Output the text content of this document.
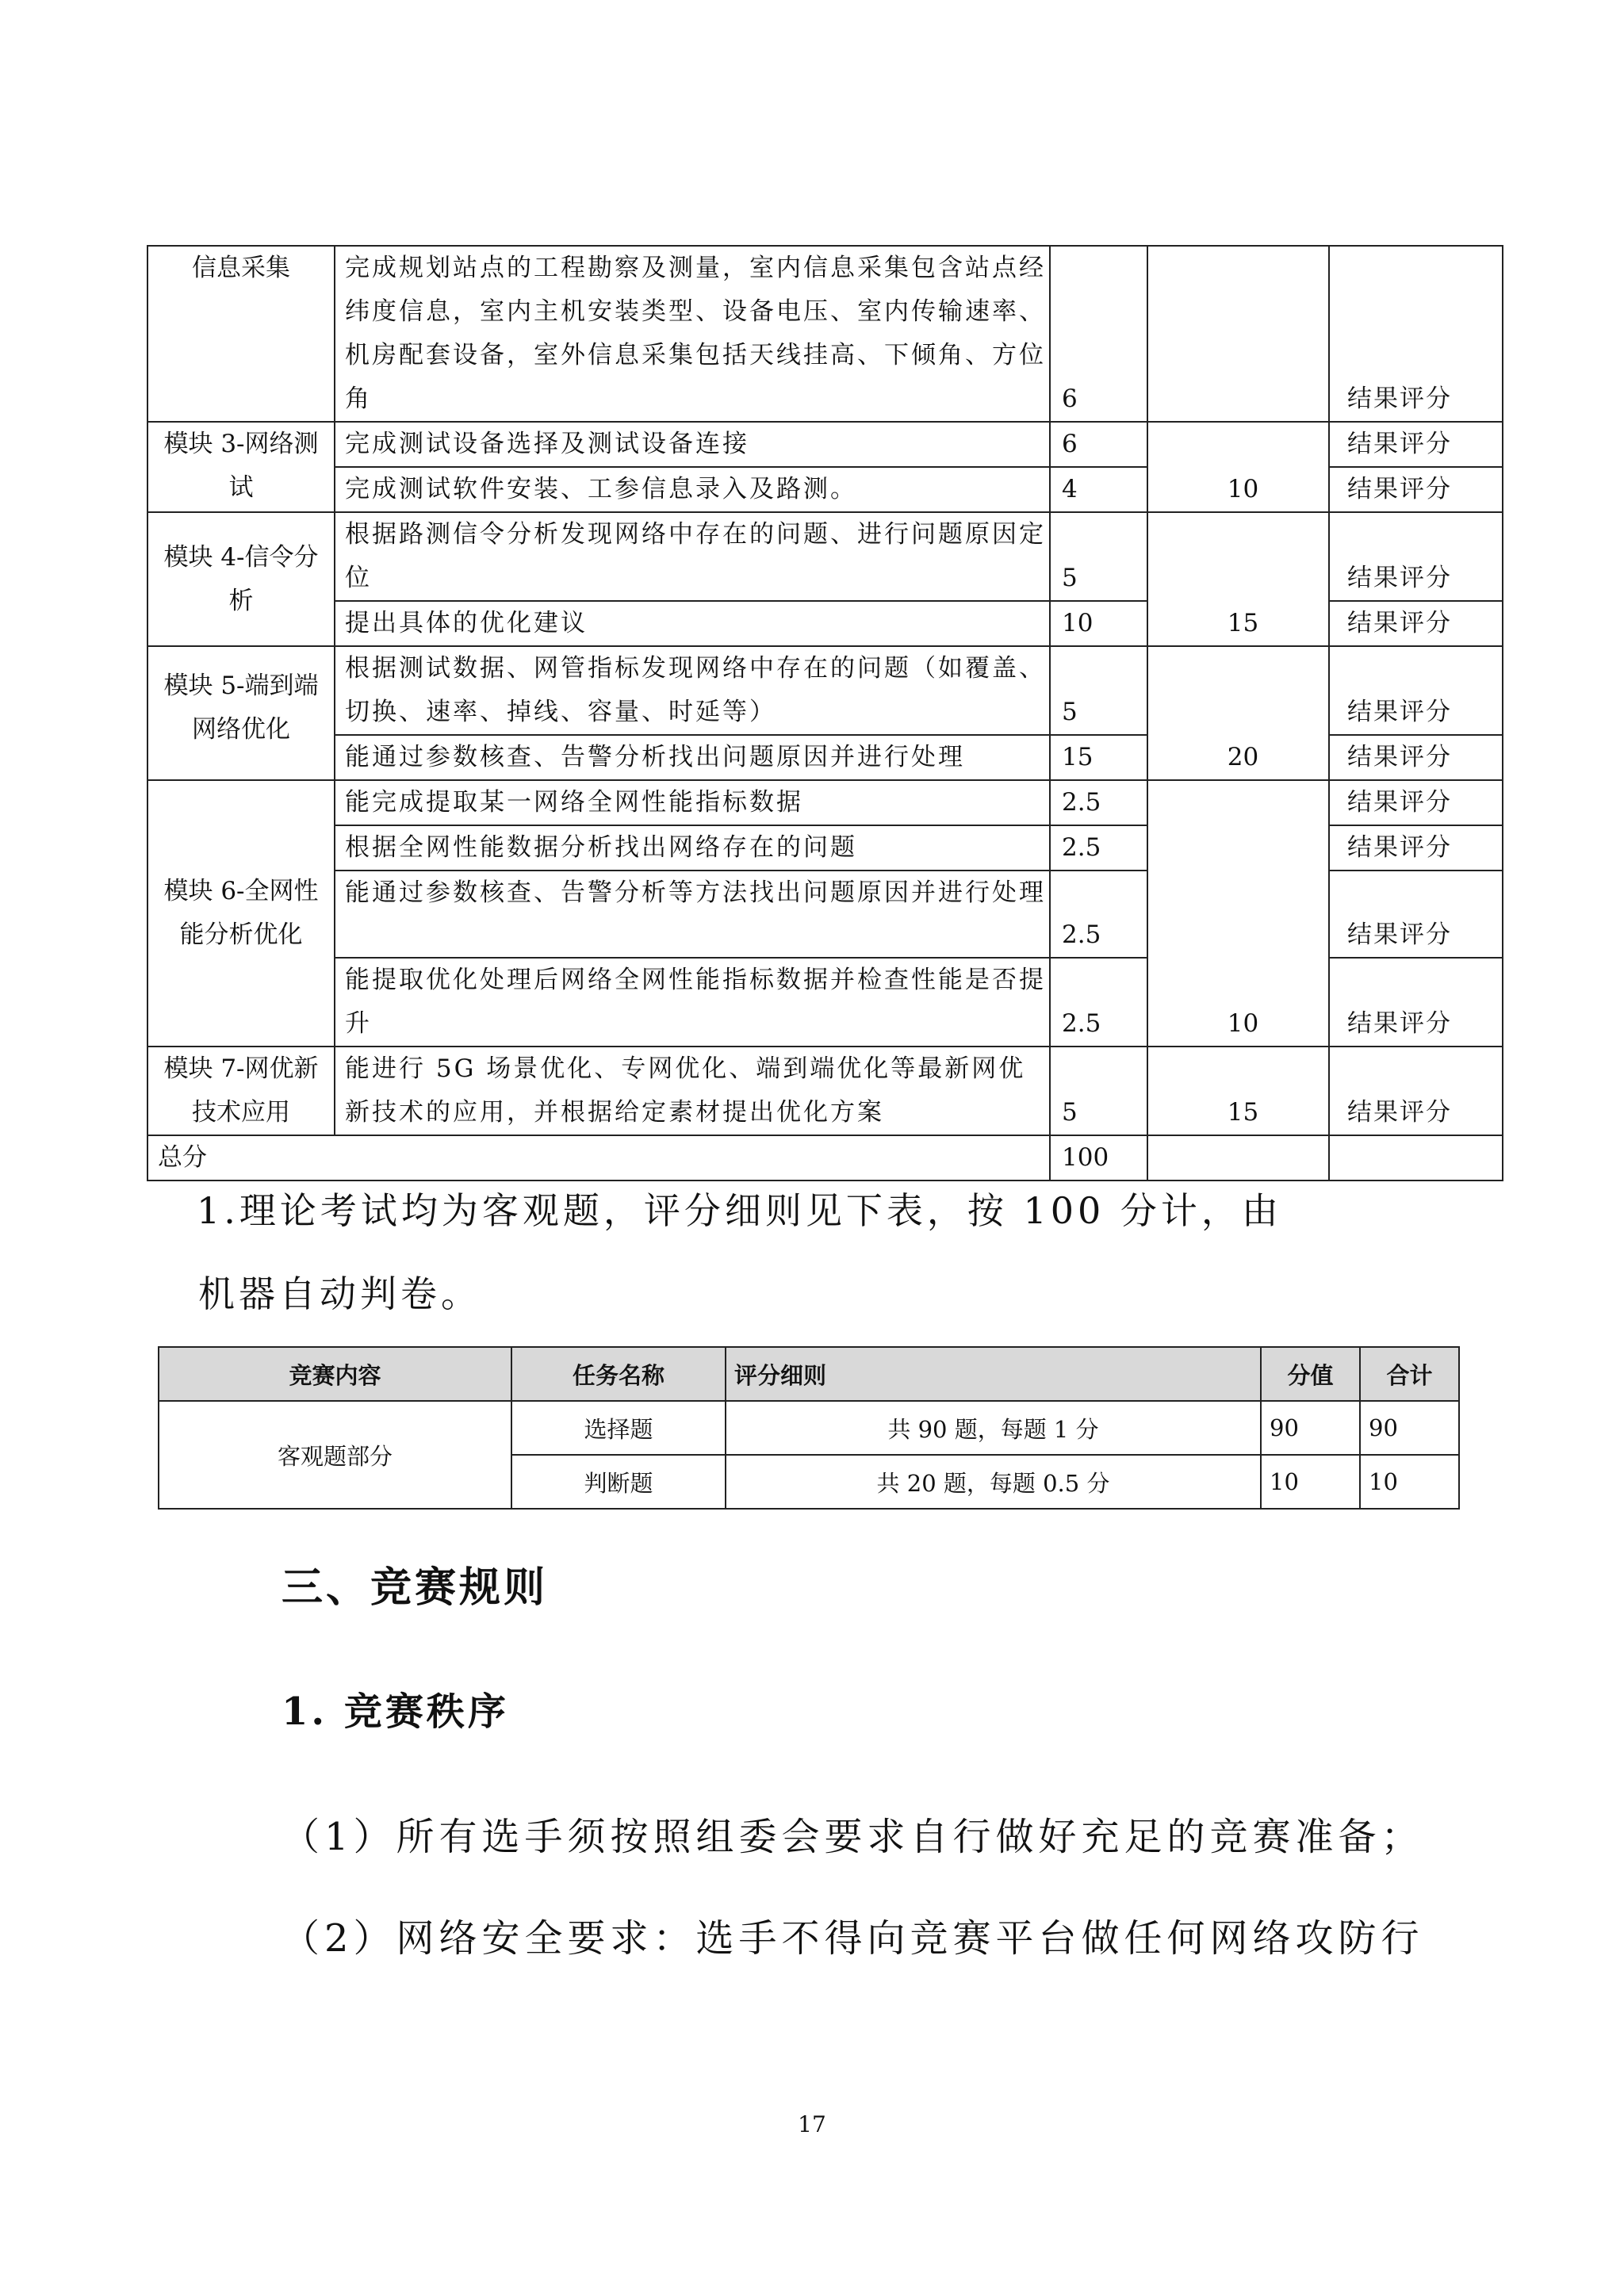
信息采集	完成规划站点的工程勘察及测量，室内信息采集包含站点经纬度信息，室内主机安装类型、设备电压、室内传输速率、机房配套设备，室外信息采集包括天线挂高、下倾角、方位角	6		结果评分
模块 3-网络测试	完成测试设备选择及测试设备连接	6	10	结果评分
	完成测试软件安装、工参信息录入及路测。	4		结果评分
模块 4-信令分析	根据路测信令分析发现网络中存在的问题、进行问题原因定位	5	15	结果评分
	提出具体的优化建议	10		结果评分
模块 5-端到端网络优化	根据测试数据、网管指标发现网络中存在的问题（如覆盖、切换、速率、掉线、容量、时延等）	5	20	结果评分
	能通过参数核查、告警分析找出问题原因并进行处理	15		结果评分
模块 6-全网性能分析优化	能完成提取某一网络全网性能指标数据	2.5	10	结果评分
	根据全网性能数据分析找出网络存在的问题	2.5		结果评分
	能通过参数核查、告警分析等方法找出问题原因并进行处理	2.5		结果评分
	能提取优化处理后网络全网性能指标数据并检查性能是否提升	2.5		结果评分
模块 7-网优新技术应用	能进行 5G 场景优化、专网优化、端到端优化等最新网优新技术的应用，并根据给定素材提出优化方案	5	15	结果评分
总分		100		
1.理论考试均为客观题，评分细则见下表，按 100 分计，由
机器自动判卷。
竞赛内容	任务名称	评分细则	分值	合计
客观题部分	选择题	共 90 题，每题 1 分	90	90
	判断题	共 20 题，每题 0.5 分	10	10
三、竞赛规则
1. 竞赛秩序
（1）所有选手须按照组委会要求自行做好充足的竞赛准备；
（2）网络安全要求：选手不得向竞赛平台做任何网络攻防行
17
